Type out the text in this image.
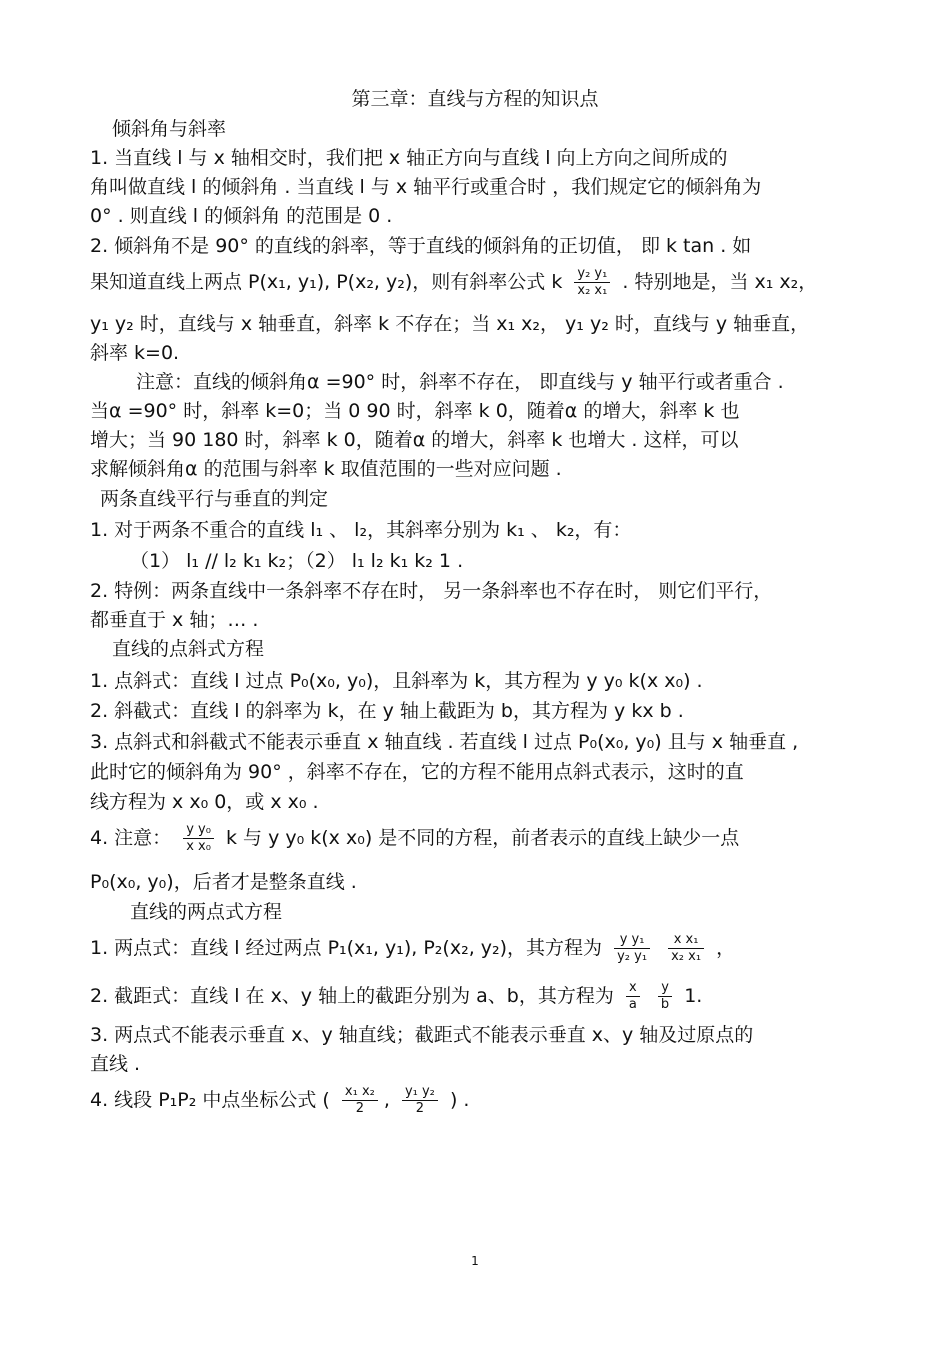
第三章：直线与方程的知识点
倾斜角与斜率
1. 当直线 l 与 x 轴相交时，我们把 x 轴正方向与直线 l 向上方向之间所成的
角叫做直线 l 的倾斜角 . 当直线 l 与 x 轴平行或重合时 ，我们规定它的倾斜角为
0° . 则直线 l 的倾斜角 的范围是 0 .
2. 倾斜角不是 90° 的直线的斜率，等于直线的倾斜角的正切值， 即 k tan . 如
果知道直线上两点 P(x₁, y₁), P(x₂, y₂)，则有斜率公式 k $\frac{\text{y₂ y₁}}{\text{x₂ x₁}}$ . 特别地是，当 x₁ x₂，
y₁ y₂ 时，直线与 x 轴垂直，斜率 k 不存在；当 x₁ x₂， y₁ y₂ 时，直线与 y 轴垂直，
斜率 k=0.
注意：直线的倾斜角α =90° 时，斜率不存在， 即直线与 y 轴平行或者重合 .
当α =90° 时，斜率 k=0；当 0 90 时，斜率 k 0，随着α 的增大，斜率 k 也
增大；当 90 180 时，斜率 k 0，随着α 的增大，斜率 k 也增大 . 这样，可以
求解倾斜角α 的范围与斜率 k 取值范围的一些对应问题 .
两条直线平行与垂直的判定
1. 对于两条不重合的直线 l₁ 、 l₂，其斜率分别为 k₁ 、 k₂，有：
（1） l₁ // l₂ k₁ k₂；（2） l₁ l₂ k₁ k₂ 1 .
2. 特例：两条直线中一条斜率不存在时， 另一条斜率也不存在时， 则它们平行，
都垂直于 x 轴；… .
直线的点斜式方程
1. 点斜式：直线 l 过点 P₀(x₀, y₀)，且斜率为 k，其方程为 y y₀ k(x x₀) .
2. 斜截式：直线 l 的斜率为 k，在 y 轴上截距为 b，其方程为 y kx b .
3. 点斜式和斜截式不能表示垂直 x 轴直线 . 若直线 l 过点 P₀(x₀, y₀) 且与 x 轴垂直 ,
此时它的倾斜角为 90° ，斜率不存在，它的方程不能用点斜式表示，这时的直
线方程为 x x₀ 0，或 x x₀ .
4. 注意： $\frac{\text{y y₀}}{\text{x x₀}}$ k 与 y y₀ k(x x₀) 是不同的方程，前者表示的直线上缺少一点
P₀(x₀, y₀)，后者才是整条直线 .
直线的两点式方程
1. 两点式：直线 l 经过两点 P₁(x₁, y₁), P₂(x₂, y₂)，其方程为 $\frac{\text{y y₁}}{\text{y₂ y₁}}$
$\frac{\text{x x₁}}{\text{x₂ x₁}}$ ，
2. 截距式：直线 l 在 x、y 轴上的截距分别为 a、b，其方程为 $\frac{x}{a}$
$\frac{y}{b} 1$.
3. 两点式不能表示垂直 x、y 轴直线；截距式不能表示垂直 x、y 轴及过原点的
直线 .
4. 线段 P₁P₂ 中点坐标公式 ( $\frac{\text{x₁ x₂}}{2}$ , $\frac{\text{y₁ y₂}}{2}$ ) .
1
